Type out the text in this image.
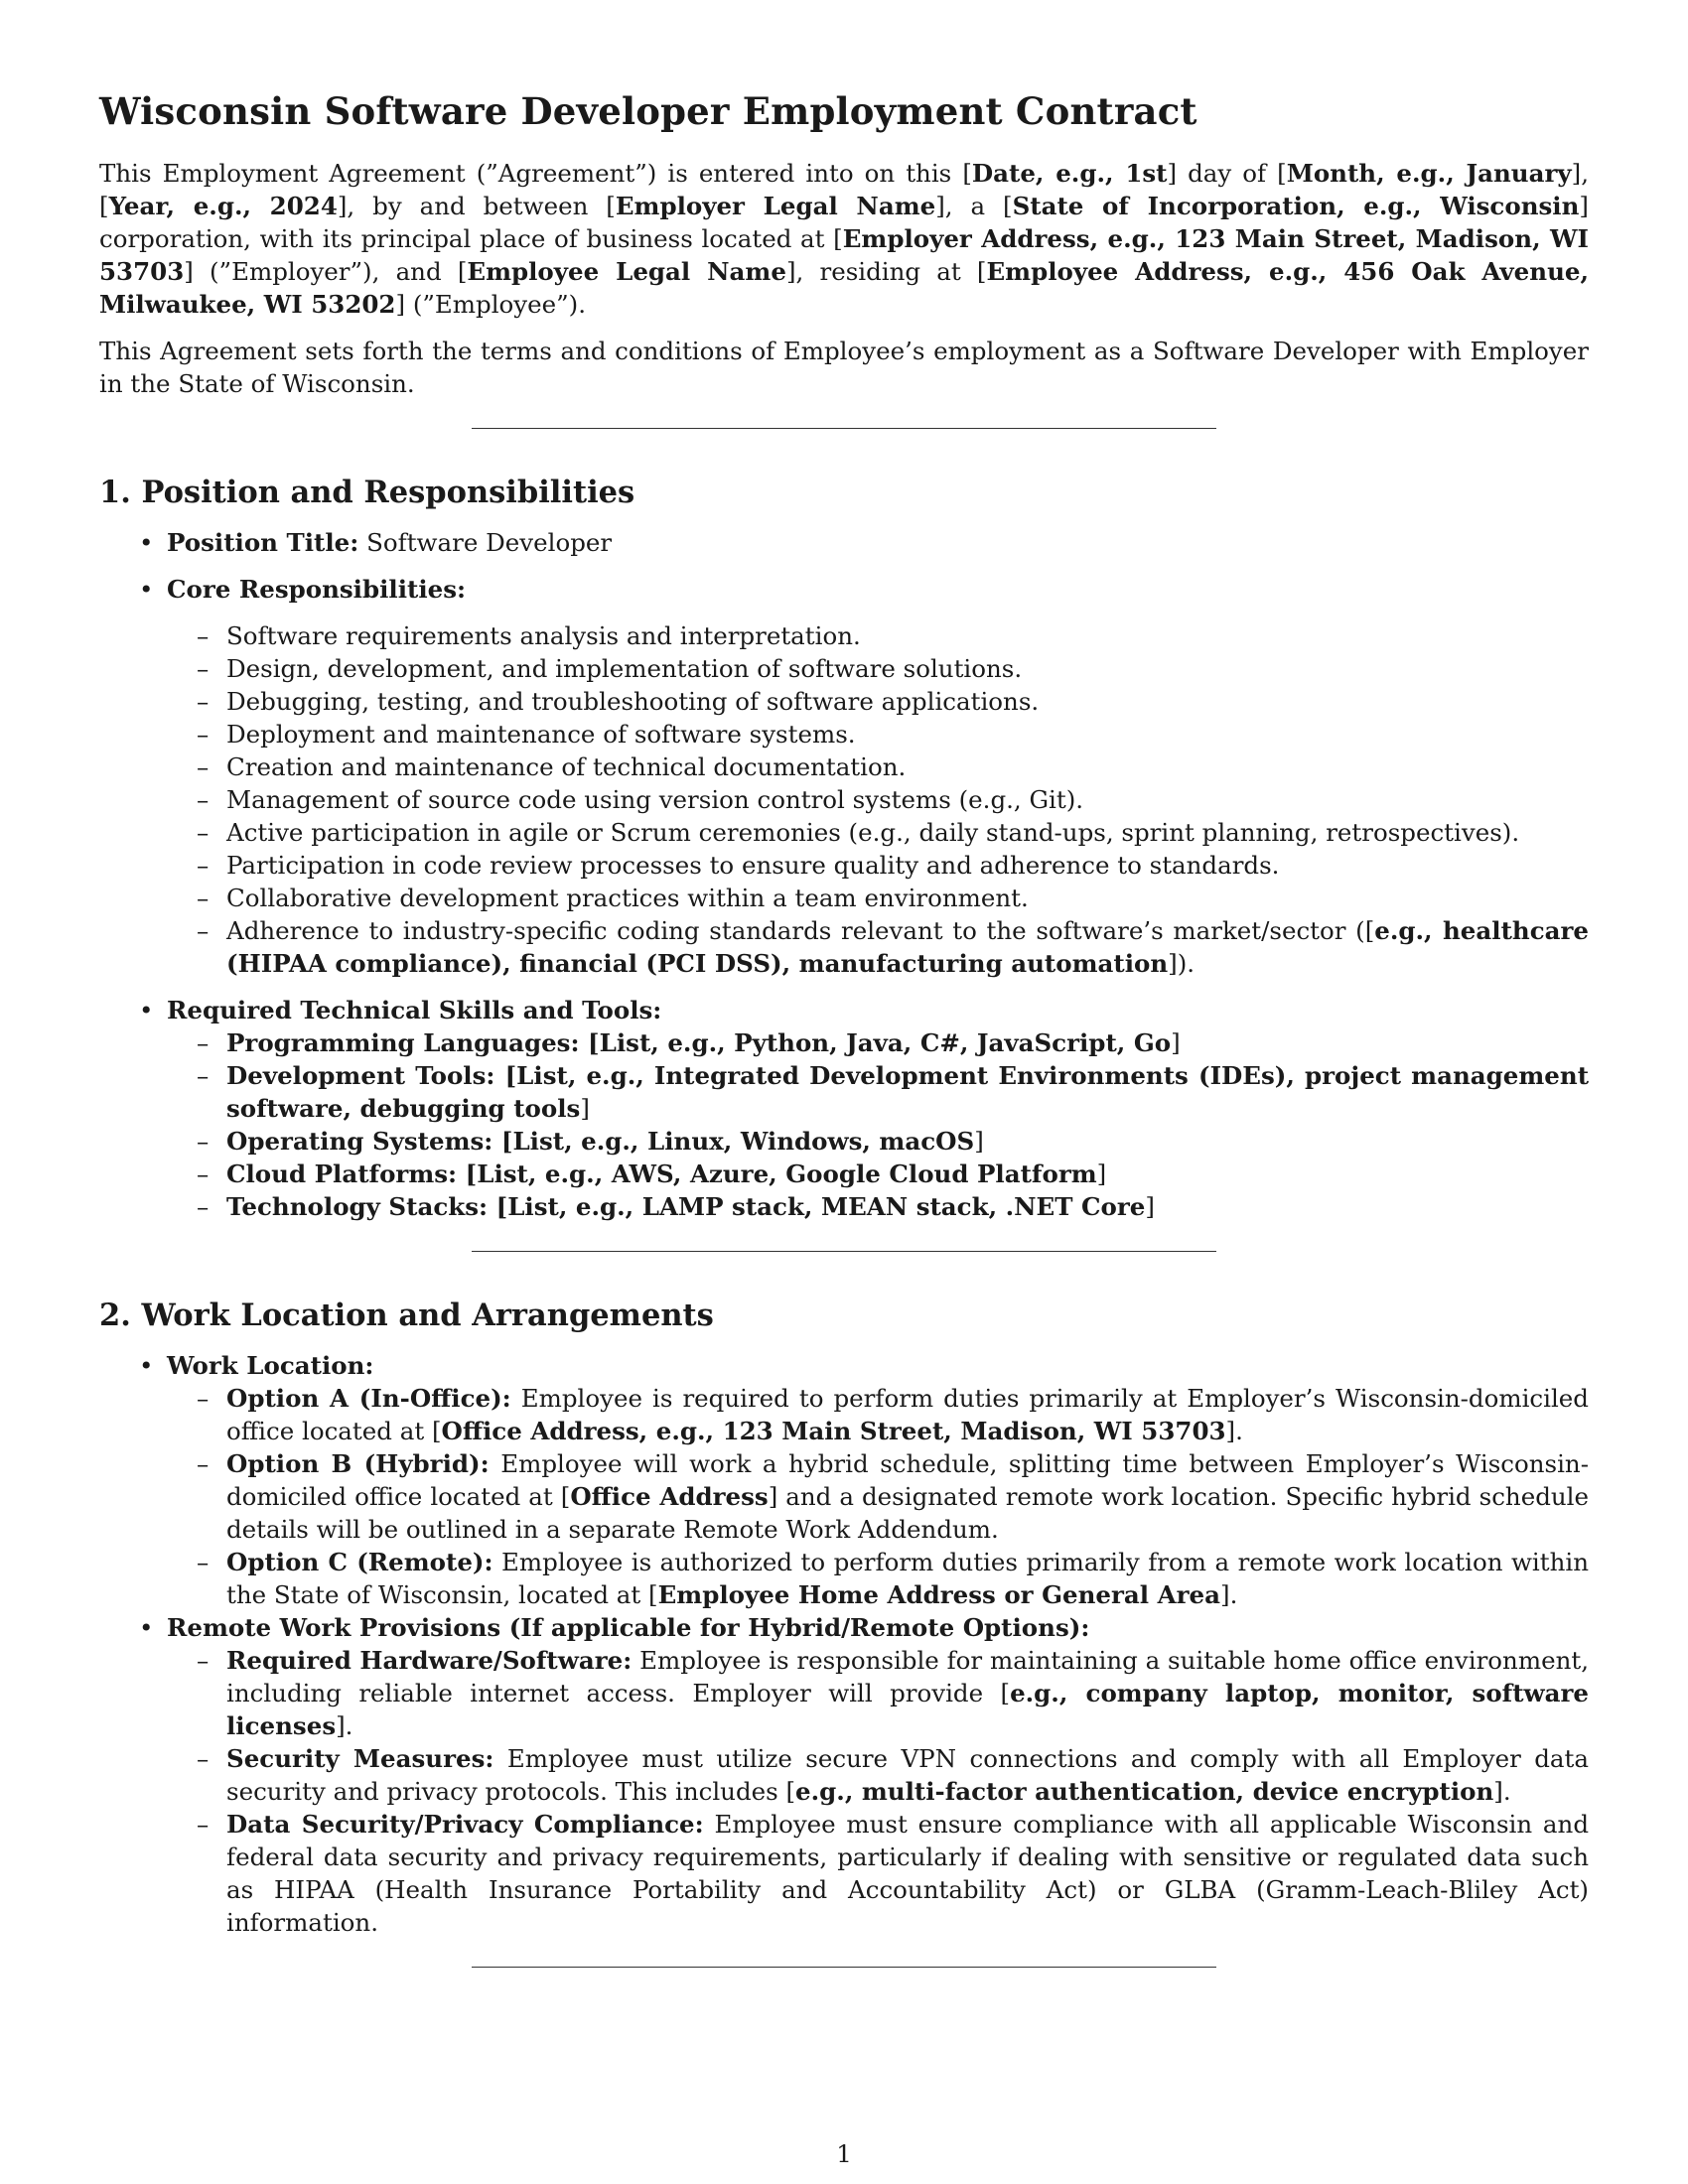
Wisconsin Software Developer Employment Contract

This Employment Agreement (”Agreement”) is entered into on this [Date, e.g., 1st] day of [Month, e.g., January], [Year, e.g., 2024], by and between [Employer Legal Name], a [State of Incorporation, e.g., Wisconsin] corporation, with its principal place of business located at [Employer Address, e.g., 123 Main Street, Madison, WI 53703] (”Employer”), and [Employee Legal Name], residing at [Employee Address, e.g., 456 Oak Avenue, Milwaukee, WI 53202] (”Employee”).

This Agreement sets forth the terms and conditions of Employee’s employment as a Software Developer with Employer in the State of Wisconsin.

1. Position and Responsibilities
• Position Title: Software Developer
• Core Responsibilities:
– Software requirements analysis and interpretation.
– Design, development, and implementation of software solutions.
– Debugging, testing, and troubleshooting of software applications.
– Deployment and maintenance of software systems.
– Creation and maintenance of technical documentation.
– Management of source code using version control systems (e.g., Git).
– Active participation in agile or Scrum ceremonies (e.g., daily stand-ups, sprint planning, retrospectives).
– Participation in code review processes to ensure quality and adherence to standards.
– Collaborative development practices within a team environment.
– Adherence to industry-specific coding standards relevant to the software’s market/sector ([e.g., healthcare (HIPAA compliance), financial (PCI DSS), manufacturing automation]).
• Required Technical Skills and Tools:
– Programming Languages: [List, e.g., Python, Java, C#, JavaScript, Go]
– Development Tools: [List, e.g., Integrated Development Environments (IDEs), project management software, debugging tools]
– Operating Systems: [List, e.g., Linux, Windows, macOS]
– Cloud Platforms: [List, e.g., AWS, Azure, Google Cloud Platform]
– Technology Stacks: [List, e.g., LAMP stack, MEAN stack, .NET Core]
2. Work Location and Arrangements
• Work Location:
– Option A (In-Office): Employee is required to perform duties primarily at Employer’s Wisconsin-domiciled office located at [Office Address, e.g., 123 Main Street, Madison, WI 53703].
– Option B (Hybrid): Employee will work a hybrid schedule, splitting time between Employer’s Wisconsin-domiciled office located at [Office Address] and a designated remote work location. Specific hybrid schedule details will be outlined in a separate Remote Work Addendum.
– Option C (Remote): Employee is authorized to perform duties primarily from a remote work location within the State of Wisconsin, located at [Employee Home Address or General Area].
• Remote Work Provisions (If applicable for Hybrid/Remote Options):
– Required Hardware/Software: Employee is responsible for maintaining a suitable home office environment, including reliable internet access. Employer will provide [e.g., company laptop, monitor, software licenses].
– Security Measures: Employee must utilize secure VPN connections and comply with all Employer data security and privacy protocols. This includes [e.g., multi-factor authentication, device encryption].
– Data Security/Privacy Compliance: Employee must ensure compliance with all applicable Wisconsin and federal data security and privacy requirements, particularly if dealing with sensitive or regulated data such as HIPAA (Health Insurance Portability and Accountability Act) or GLBA (Gramm-Leach-Bliley Act) information.
1
